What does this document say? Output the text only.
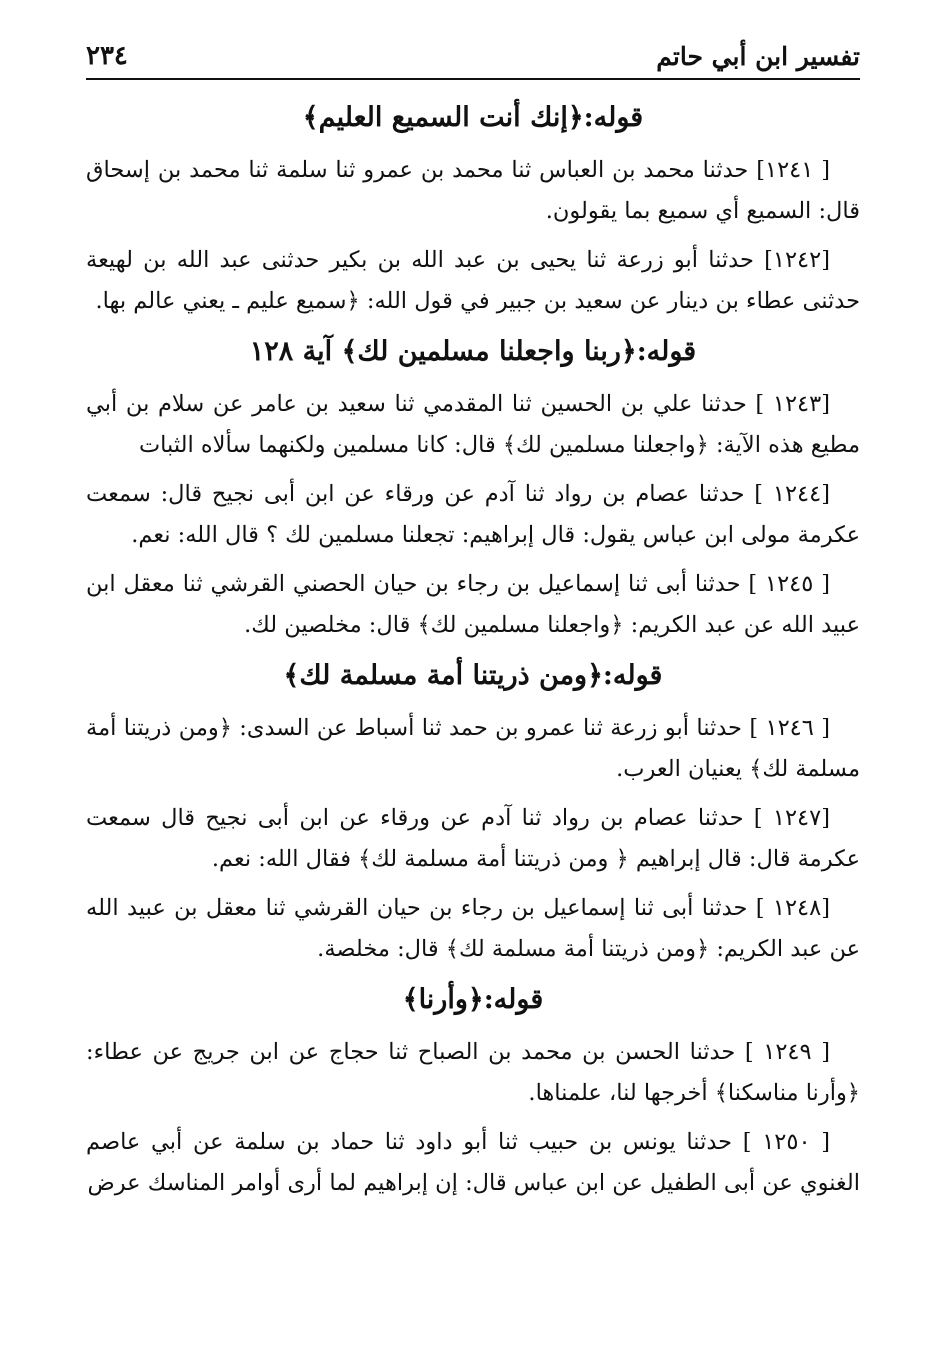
٢٣٤	تفسير ابن أبي حاتم
قوله:﴿إنك أنت السميع العليم﴾

[ ١٢٤١] حدثنا محمد بن العباس ثنا محمد بن عمرو ثنا سلمة ثنا محمد بن إسحاق قال: السميع أي سميع بما يقولون.

[١٢٤٢] حدثنا أبو زرعة ثنا يحيى بن عبد الله بن بكير حدثنى عبد الله بن لهيعة حدثنى عطاء بن دينار عن سعيد بن جبير في قول الله: ﴿سميع عليم ـ يعني عالم بها.

قوله:﴿ربنا واجعلنا مسلمين لك﴾ آية ١٢٨

[١٢٤٣ ] حدثنا علي بن الحسين ثنا المقدمي ثنا سعيد بن عامر عن سلام بن أبي مطيع هذه الآية: ﴿واجعلنا مسلمين لك﴾ قال: كانا مسلمين ولكنهما سألاه الثبات

[١٢٤٤ ] حدثنا عصام بن رواد ثنا آدم عن ورقاء عن ابن أبى نجيح قال: سمعت عكرمة مولى ابن عباس يقول: قال إبراهيم: تجعلنا مسلمين لك ؟ قال الله: نعم.

[ ١٢٤٥ ] حدثنا أبى ثنا إسماعيل بن رجاء بن حيان الحصني القرشي ثنا معقل ابن عبيد الله عن عبد الكريم: ﴿واجعلنا مسلمين لك﴾ قال: مخلصين لك.

قوله:﴿ومن ذريتنا أمة مسلمة لك﴾

[ ١٢٤٦ ] حدثنا أبو زرعة ثنا عمرو بن حمد ثنا أسباط عن السدى: ﴿ومن ذريتنا أمة مسلمة لك﴾ يعنيان العرب.

[١٢٤٧ ] حدثنا عصام بن رواد ثنا آدم عن ورقاء عن ابن أبى نجيح قال سمعت عكرمة قال: قال إبراهيم ﴿ ومن ذريتنا أمة مسلمة لك﴾ فقال الله: نعم.

[١٢٤٨ ] حدثنا أبى ثنا إسماعيل بن رجاء بن حيان القرشي ثنا معقل بن عبيد الله عن عبد الكريم: ﴿ومن ذريتنا أمة مسلمة لك﴾ قال: مخلصة.

قوله:﴿وأرنا﴾

[ ١٢٤٩ ] حدثنا الحسن بن محمد بن الصباح ثنا حجاج عن ابن جريج عن عطاء: ﴿وأرنا مناسكنا﴾ أخرجها لنا، علمناها.

[ ١٢٥٠ ] حدثنا يونس بن حبيب ثنا أبو داود ثنا حماد بن سلمة عن أبي عاصم الغنوي عن أبى الطفيل عن ابن عباس قال: إن إبراهيم لما أرى أوامر المناسك عرض
